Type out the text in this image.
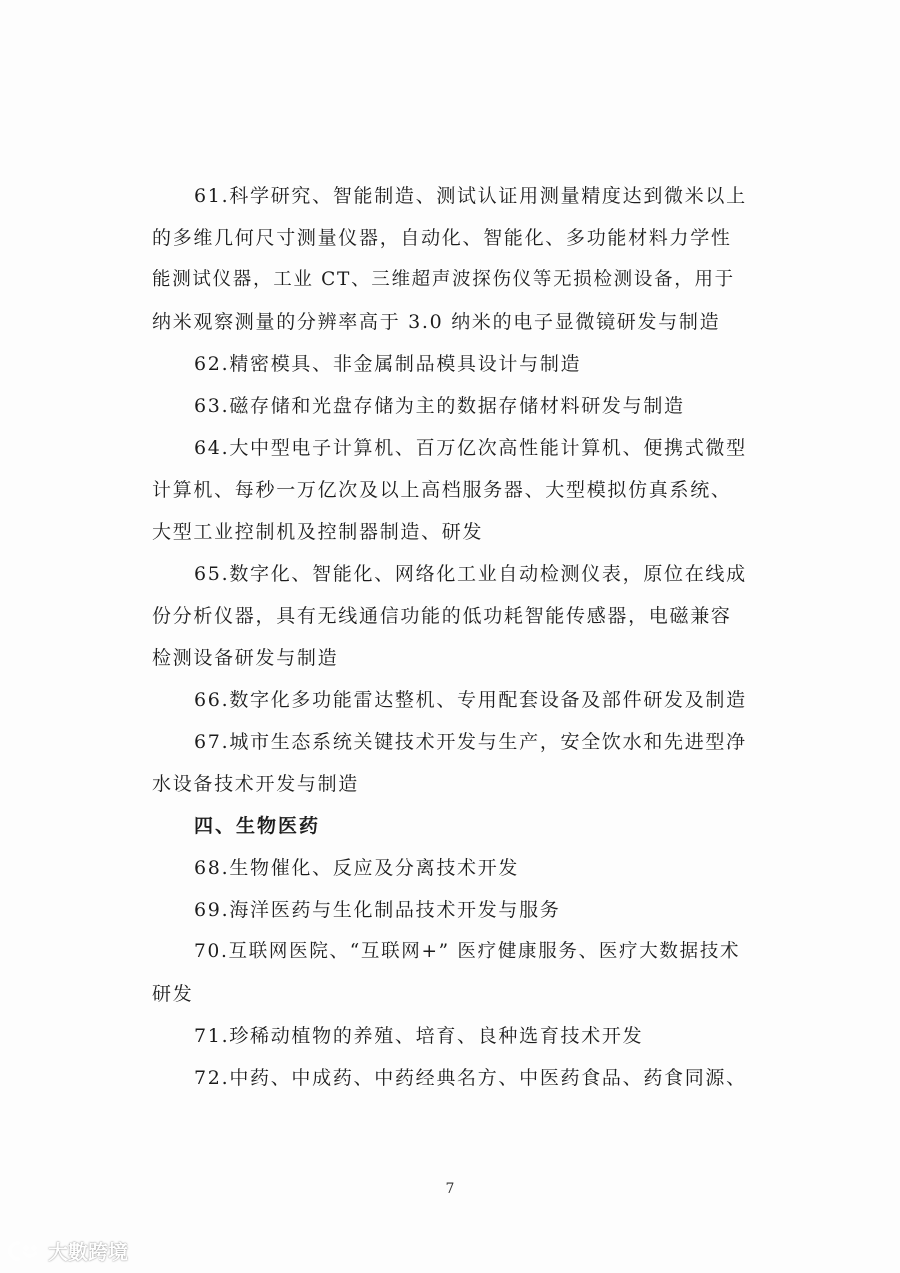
61.科学研究、智能制造、测试认证用测量精度达到微米以上
的多维几何尺寸测量仪器，自动化、智能化、多功能材料力学性
能测试仪器，工业 CT、三维超声波探伤仪等无损检测设备，用于
纳米观察测量的分辨率高于 3.0 纳米的电子显微镜研发与制造
62.精密模具、非金属制品模具设计与制造
63.磁存储和光盘存储为主的数据存储材料研发与制造
64.大中型电子计算机、百万亿次高性能计算机、便携式微型
计算机、每秒一万亿次及以上高档服务器、大型模拟仿真系统、
大型工业控制机及控制器制造、研发
65.数字化、智能化、网络化工业自动检测仪表，原位在线成
份分析仪器，具有无线通信功能的低功耗智能传感器，电磁兼容
检测设备研发与制造
66.数字化多功能雷达整机、专用配套设备及部件研发及制造
67.城市生态系统关键技术开发与生产，安全饮水和先进型净
水设备技术开发与制造
四、生物医药
68.生物催化、反应及分离技术开发
69.海洋医药与生化制品技术开发与服务
70.互联网医院、“互联网+” 医疗健康服务、医疗大数据技术
研发
71.珍稀动植物的养殖、培育、良种选育技术开发
72.中药、中成药、中药经典名方、中医药食品、药食同源、
7
大數跨境
